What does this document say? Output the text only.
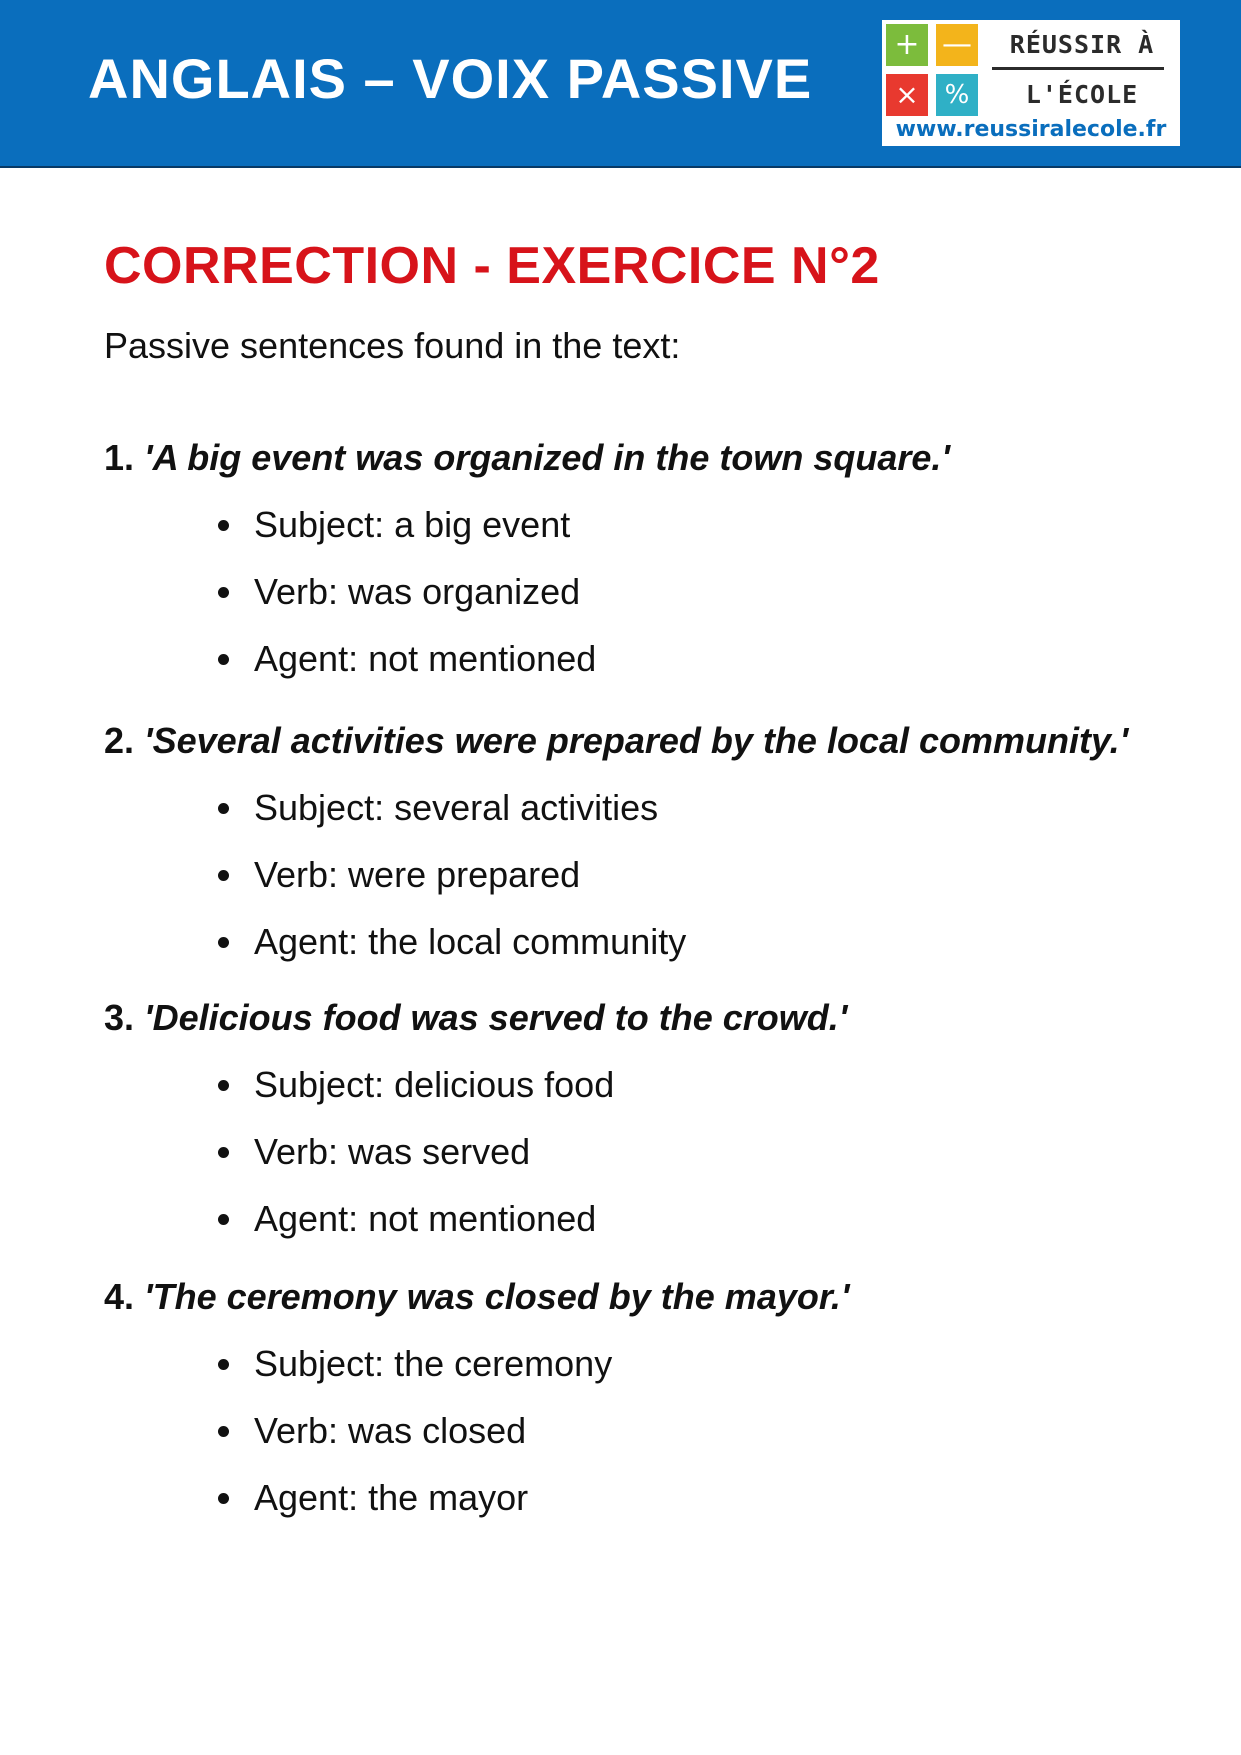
ANGLAIS – VOIX PASSIVE
+ —
× %
RÉUSSIR À
L'ÉCOLE
www.reussiralecole.fr
CORRECTION - EXERCICE N°2

Passive sentences found in the text:

1. 'A big event was organized in the town square.'

Subject: a big event
Verb: was organized
Agent: not mentioned

2. 'Several activities were prepared by the local community.'

Subject: several activities
Verb: were prepared
Agent: the local community

3. 'Delicious food was served to the crowd.'

Subject: delicious food
Verb: was served
Agent: not mentioned

4. 'The ceremony was closed by the mayor.'

Subject: the ceremony
Verb: was closed
Agent: the mayor
